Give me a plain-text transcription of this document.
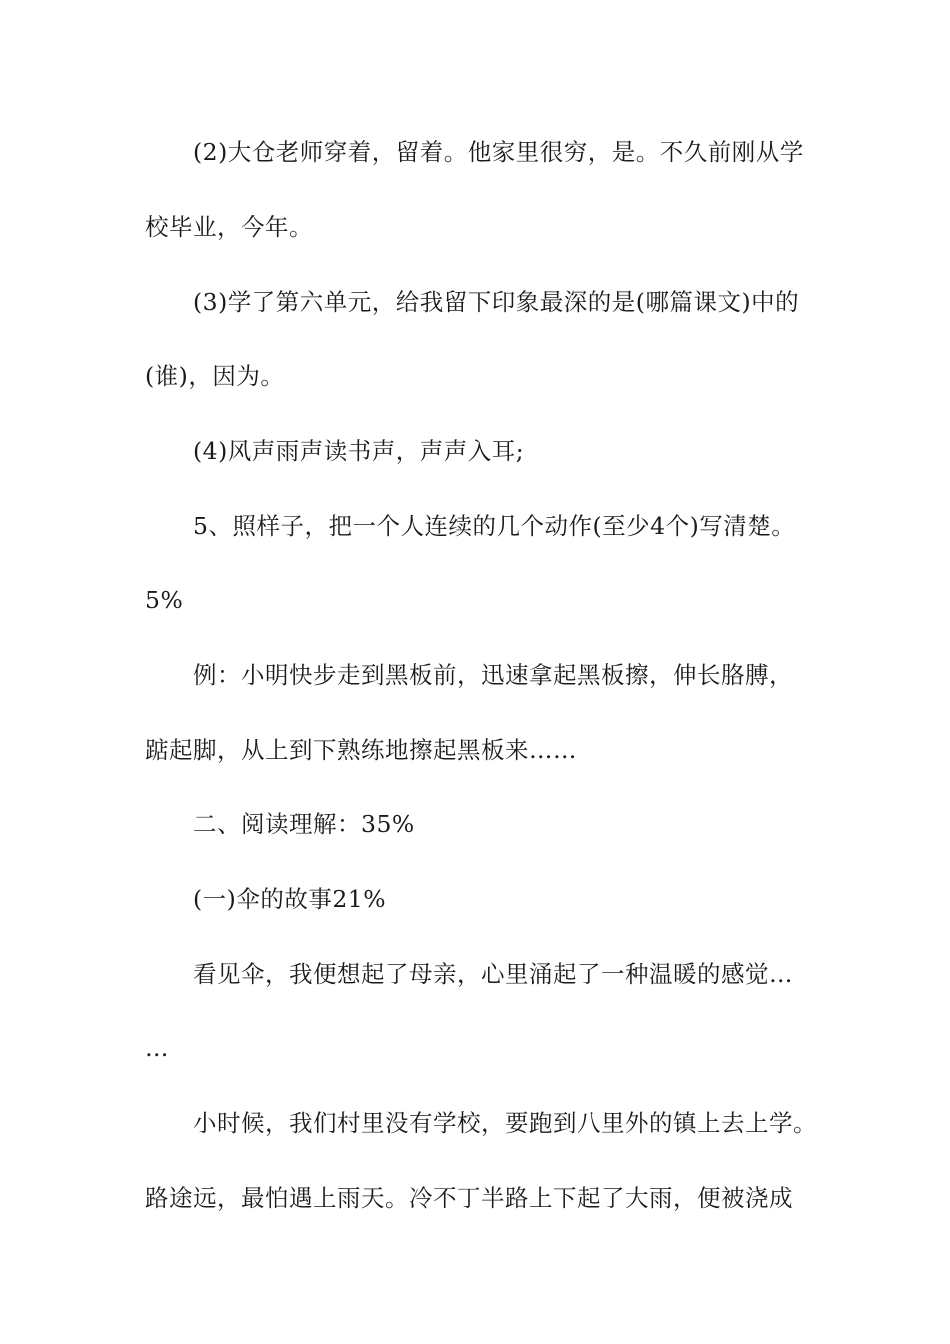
(2)大仓老师穿着，留着。他家里很穷，是。不久前刚从学
校毕业，今年。
(3)学了第六单元，给我留下印象最深的是(哪篇课文)中的
(谁)，因为。
(4)风声雨声读书声，声声入耳;
5、照样子，把一个人连续的几个动作(至少4个)写清楚。
5%
例：小明快步走到黑板前，迅速拿起黑板擦，伸长胳膊，
踮起脚，从上到下熟练地擦起黑板来……
二、阅读理解：35%
(一)伞的故事21%
看见伞，我便想起了母亲，心里涌起了一种温暖的感觉…
…
小时候，我们村里没有学校，要跑到八里外的镇上去上学。
路途远，最怕遇上雨天。冷不丁半路上下起了大雨，便被浇成
